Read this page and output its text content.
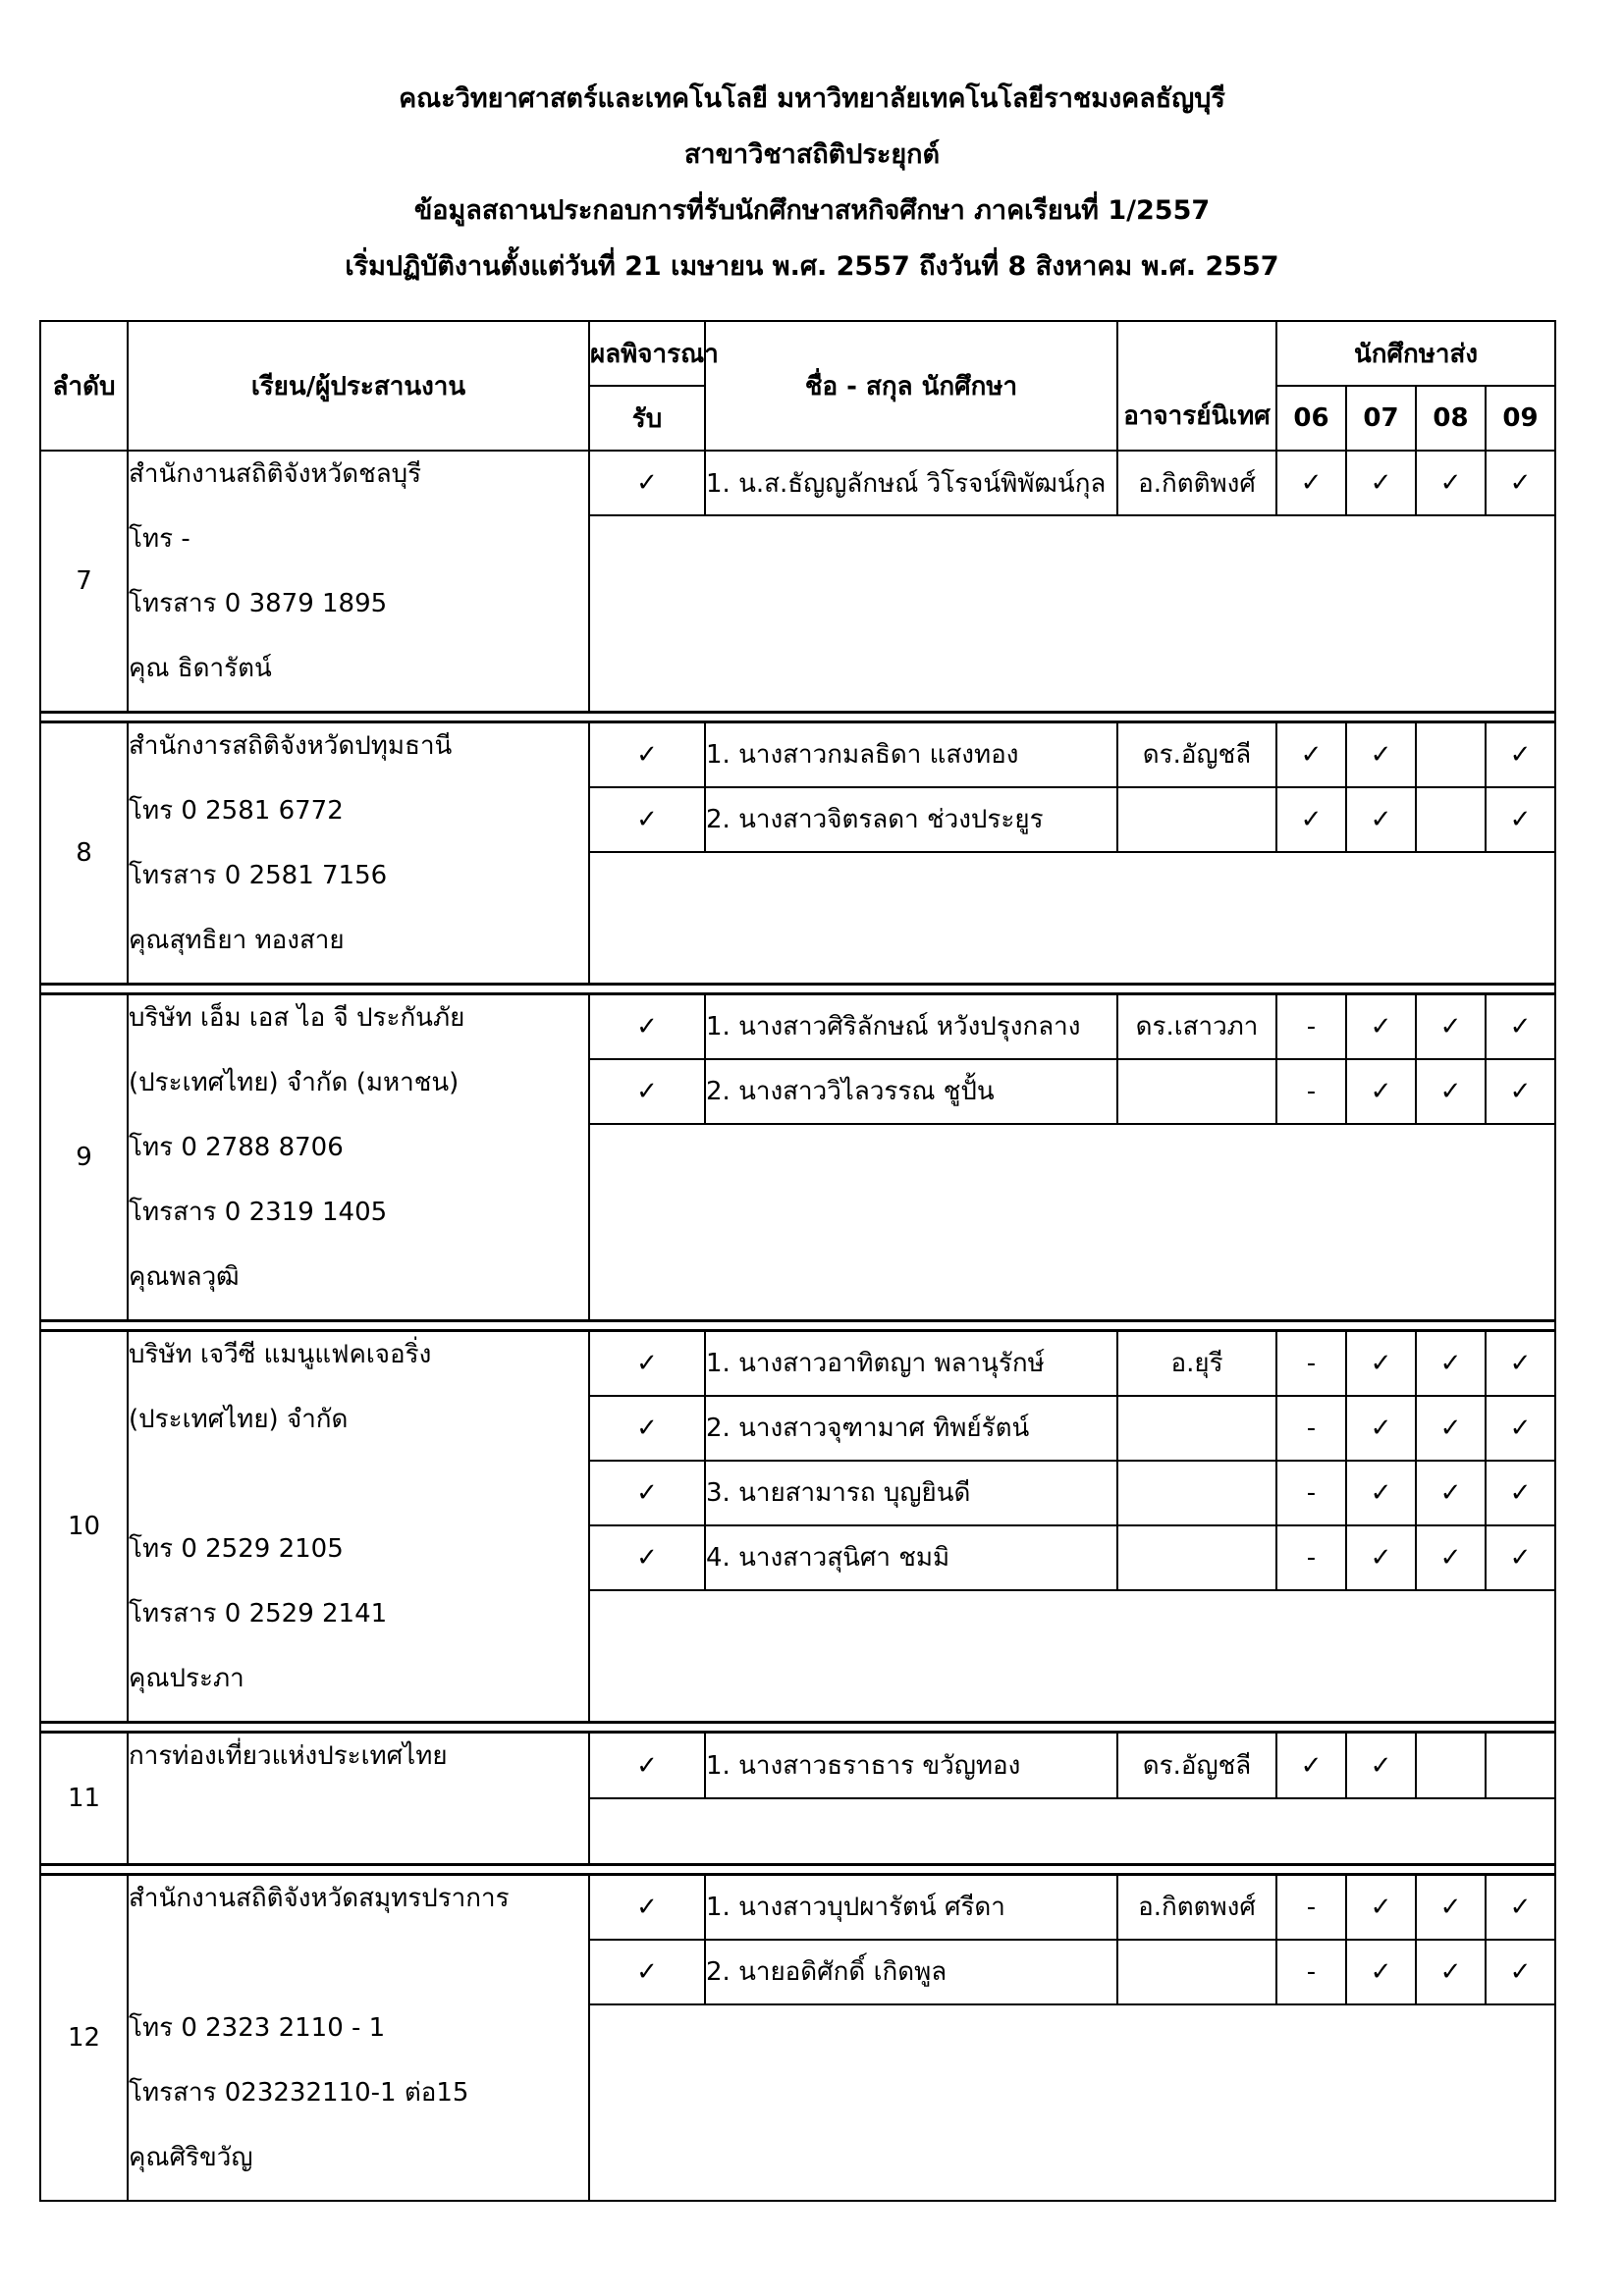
คณะวิทยาศาสตร์และเทคโนโลยี มหาวิทยาลัยเทคโนโลยีราชมงคลธัญบุรี
สาขาวิชาสถิติประยุกต์
ข้อมูลสถานประกอบการที่รับนักศึกษาสหกิจศึกษา ภาคเรียนที่ 1/2557
เริ่มปฏิบัติงานตั้งแต่วันที่ 21 เมษายน พ.ศ. 2557 ถึงวันที่ 8 สิงหาคม พ.ศ. 2557
ลำดับ	เรียน/ผู้ประสานงาน	ผลพิจารณา	ชื่อ - สกุล นักศึกษา	อาจารย์นิเทศ	นักศึกษาส่ง			
		รับ			06	07	08	09
7	สำนักงานสถิติจังหวัดชลบุรี
โทร -
โทรสาร 0 3879 1895
คุณ ธิดารัตน์	✓	1. น.ส.ธัญญลักษณ์ วิโรจน์พิพัฒน์กุล	อ.กิตติพงศ์	✓	✓	✓	✓

8	สำนักงารสถิติจังหวัดปทุมธานี
โทร 0 2581 6772
โทรสาร 0 2581 7156
คุณสุทธิยา ทองสาย	✓	1. นางสาวกมลธิดา แสงทอง	ดร.อัญชลี	✓	✓		✓
		✓	2. นางสาวจิตรลดา ช่วงประยูร		✓	✓		✓

9	บริษัท เอ็ม เอส ไอ จี ประกันภัย
(ประเทศไทย) จำกัด (มหาชน)
โทร 0 2788 8706
โทรสาร 0 2319 1405
คุณพลวุฒิ	✓	1. นางสาวศิริลักษณ์ หวังปรุงกลาง	ดร.เสาวภา	-	✓	✓	✓
		✓	2. นางสาววิไลวรรณ ชูปั้น		-	✓	✓	✓

10	บริษัท เจวีซี แมนูแฟคเจอริ่ง
(ประเทศไทย) จำกัด
โทร 0 2529 2105
โทรสาร 0 2529 2141
คุณประภา	✓	1. นางสาวอาทิตญา พลานุรักษ์	อ.ยุรี	-	✓	✓	✓
		✓	2. นางสาวจุฑามาศ ทิพย์รัตน์		-	✓	✓	✓
		✓	3. นายสามารถ บุญยินดี		-	✓	✓	✓
		✓	4. นางสาวสุนิศา ชมมิ		-	✓	✓	✓

11	การท่องเที่ยวแห่งประเทศไทย	✓	1. นางสาวธราธาร ขวัญทอง	ดร.อัญชลี	✓	✓		

12	สำนักงานสถิติจังหวัดสมุทรปราการ
โทร 0 2323 2110 - 1
โทรสาร 023232110-1 ต่อ15
คุณศิริขวัญ	✓	1. นางสาวบุปผารัตน์ ศรีดา	อ.กิตตพงศ์	-	✓	✓	✓
		✓	2. นายอดิศักดิ์ เกิดพูล		-	✓	✓	✓
